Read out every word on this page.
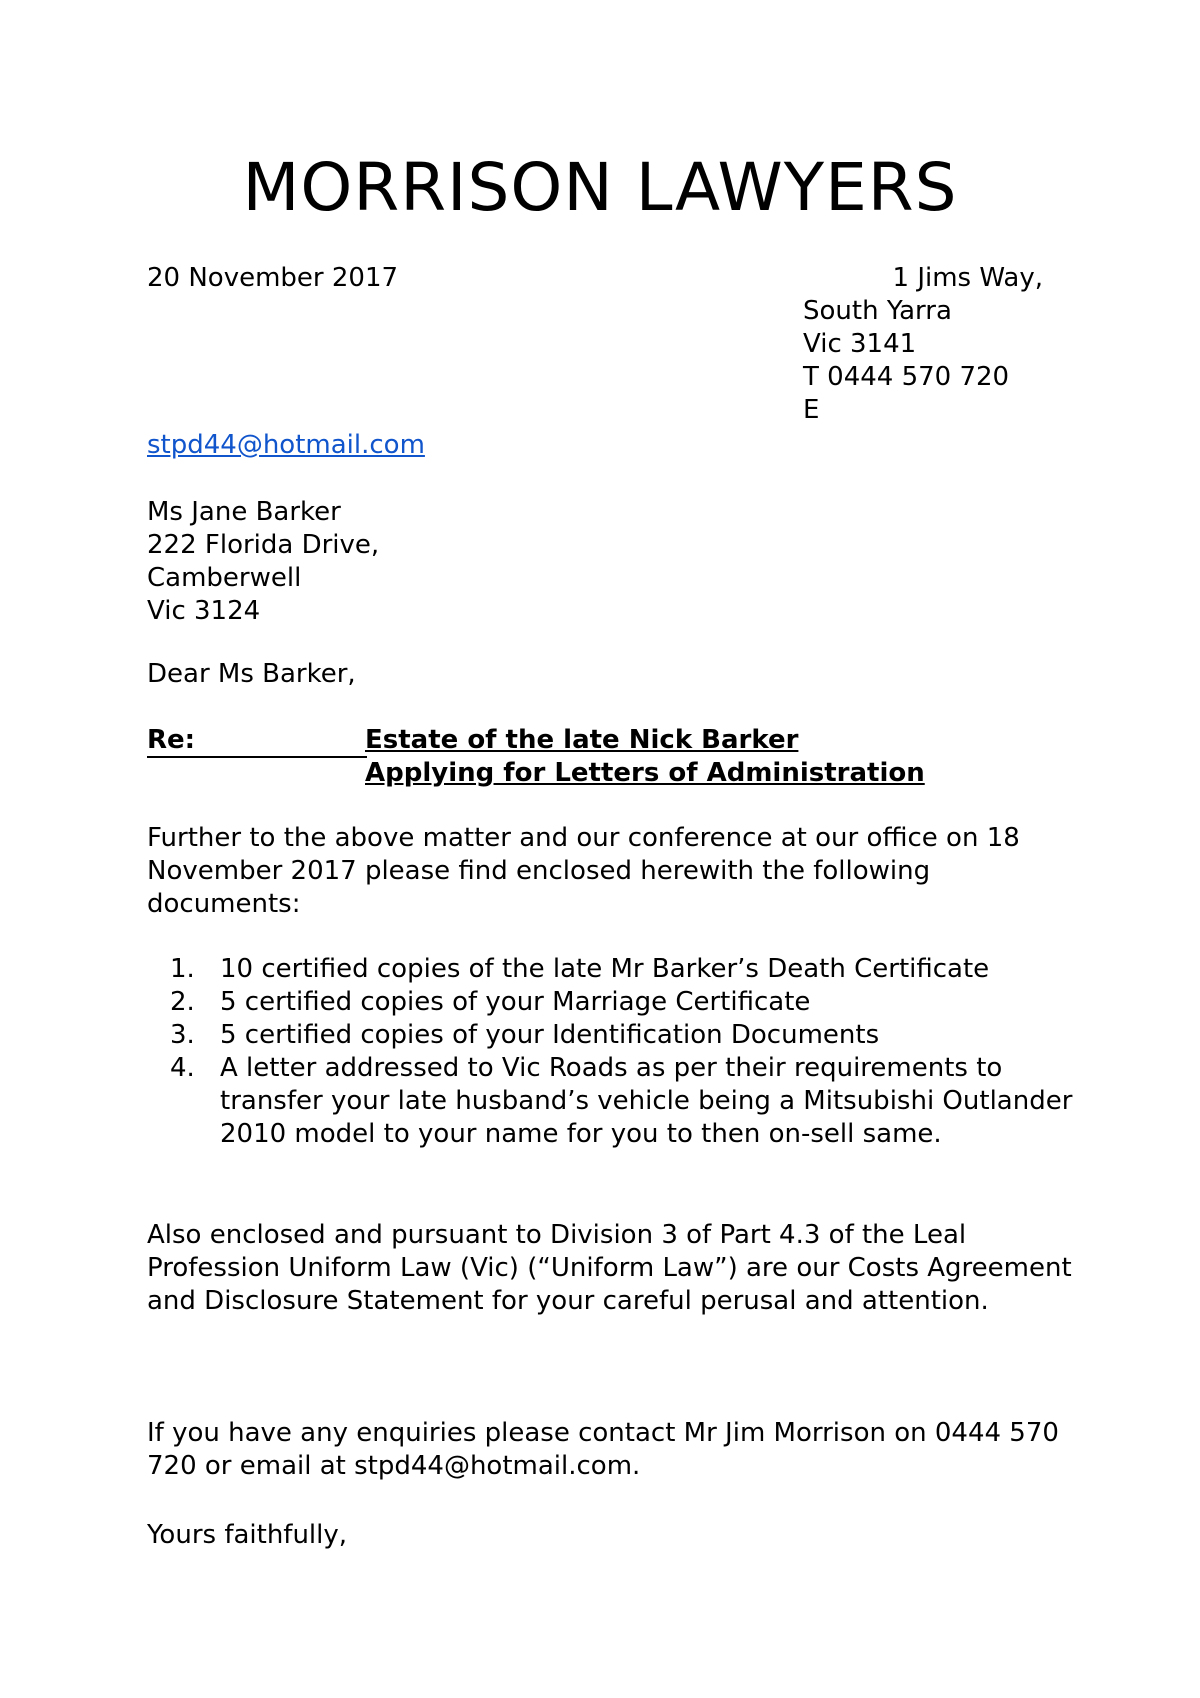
MORRISON LAWYERS
20 November 2017	1 Jims Way,
South Yarra
Vic 3141
T 0444 570 720
E
stpd44@hotmail.com
Ms Jane Barker
222 Florida Drive,
Camberwell
Vic 3124
Dear Ms Barker,
Re:	Estate of the late Nick Barker
Applying for Letters of Administration
Further to the above matter and our conference at our office on 18 November 2017 please find enclosed herewith the following documents:
1. 10 certified copies of the late Mr Barker’s Death Certificate
2. 5 certified copies of your Marriage Certificate
3. 5 certified copies of your Identification Documents
4. A letter addressed to Vic Roads as per their requirements to transfer your late husband’s vehicle being a Mitsubishi Outlander 2010 model to your name for you to then on-sell same.
Also enclosed and pursuant to Division 3 of Part 4.3 of the Leal Profession Uniform Law (Vic) (“Uniform Law”) are our Costs Agreement and Disclosure Statement for your careful perusal and attention.
If you have any enquiries please contact Mr Jim Morrison on 0444 570 720 or email at stpd44@hotmail.com.
Yours faithfully,
